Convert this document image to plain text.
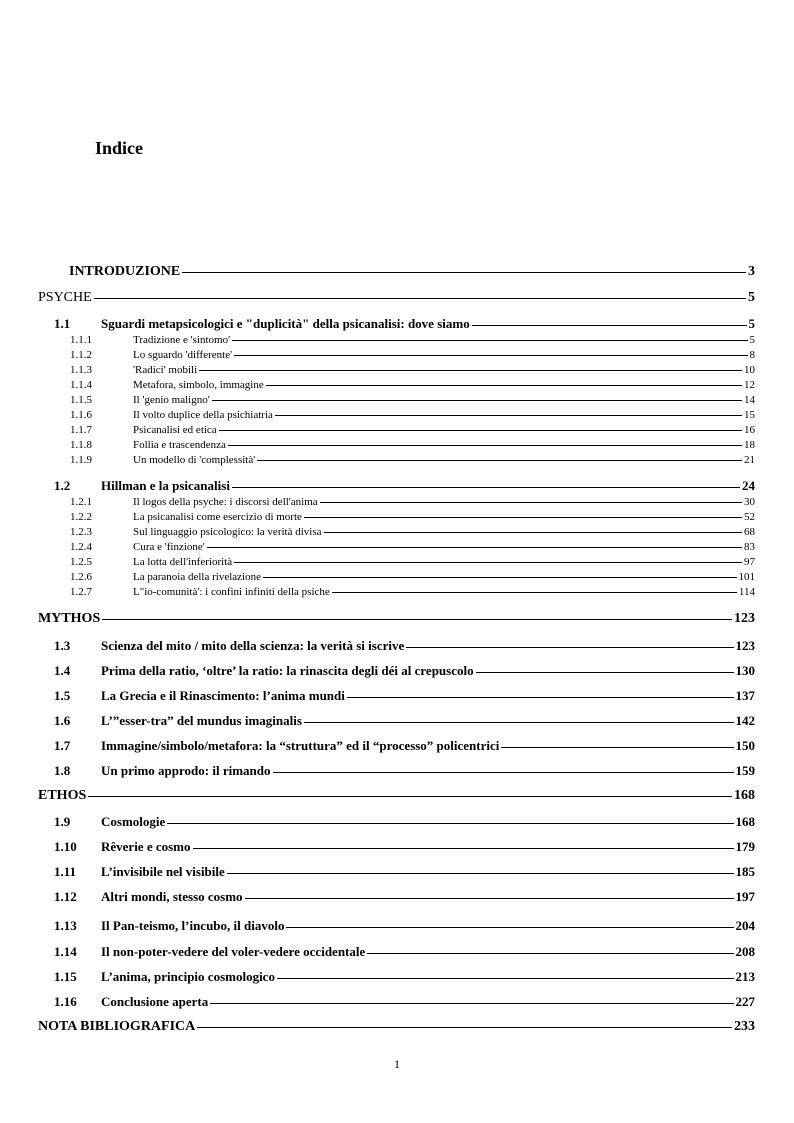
Indice
INTRODUZIONE	3
PSYCHE	5
1.1	Sguardi metapsicologici e "duplicità" della psicanalisi: dove siamo	5
1.1.1	Tradizione e 'sintomo'	5
1.1.2	Lo sguardo 'differente'	8
1.1.3	'Radici' mobili	10
1.1.4	Metafora, simbolo, immagine	12
1.1.5	Il 'genio maligno'	14
1.1.6	Il volto duplice della psichiatria	15
1.1.7	Psicanalisi ed etica	16
1.1.8	Follia e trascendenza	18
1.1.9	Un modello di 'complessità'	21
1.2	Hillman e la psicanalisi	24
1.2.1	Il logos della psyche: i discorsi dell'anima	30
1.2.2	La psicanalisi come esercizio di morte	52
1.2.3	Sul linguaggio psicologico: la verità divisa	68
1.2.4	Cura e 'finzione'	83
1.2.5	La lotta dell'inferiorità	97
1.2.6	La paranoia della rivelazione	101
1.2.7	L"io-comunità': i confini infiniti della psiche	114
MYTHOS	123
1.3	Scienza del mito / mito della scienza: la verità si iscrive	123
1.4	Prima della ratio, ‘oltre’ la ratio: la rinascita degli déi al crepuscolo	130
1.5	La Grecia e il Rinascimento: l’anima mundi	137
1.6	L’”esser-tra” del mundus imaginalis	142
1.7	Immagine/simbolo/metafora: la “struttura” ed il “processo” policentrici	150
1.8	Un primo approdo: il rimando	159
ETHOS	168
1.9	Cosmologie	168
1.10	Rêverie e cosmo	179
1.11	L’invisibile nel visibile	185
1.12	Altri mondi, stesso cosmo	197
1.13	Il Pan-teismo, l’incubo, il diavolo	204
1.14	Il non-poter-vedere del voler-vedere occidentale	208
1.15	L’anima, principio cosmologico	213
1.16	Conclusione aperta	227
NOTA BIBLIOGRAFICA	233
1
